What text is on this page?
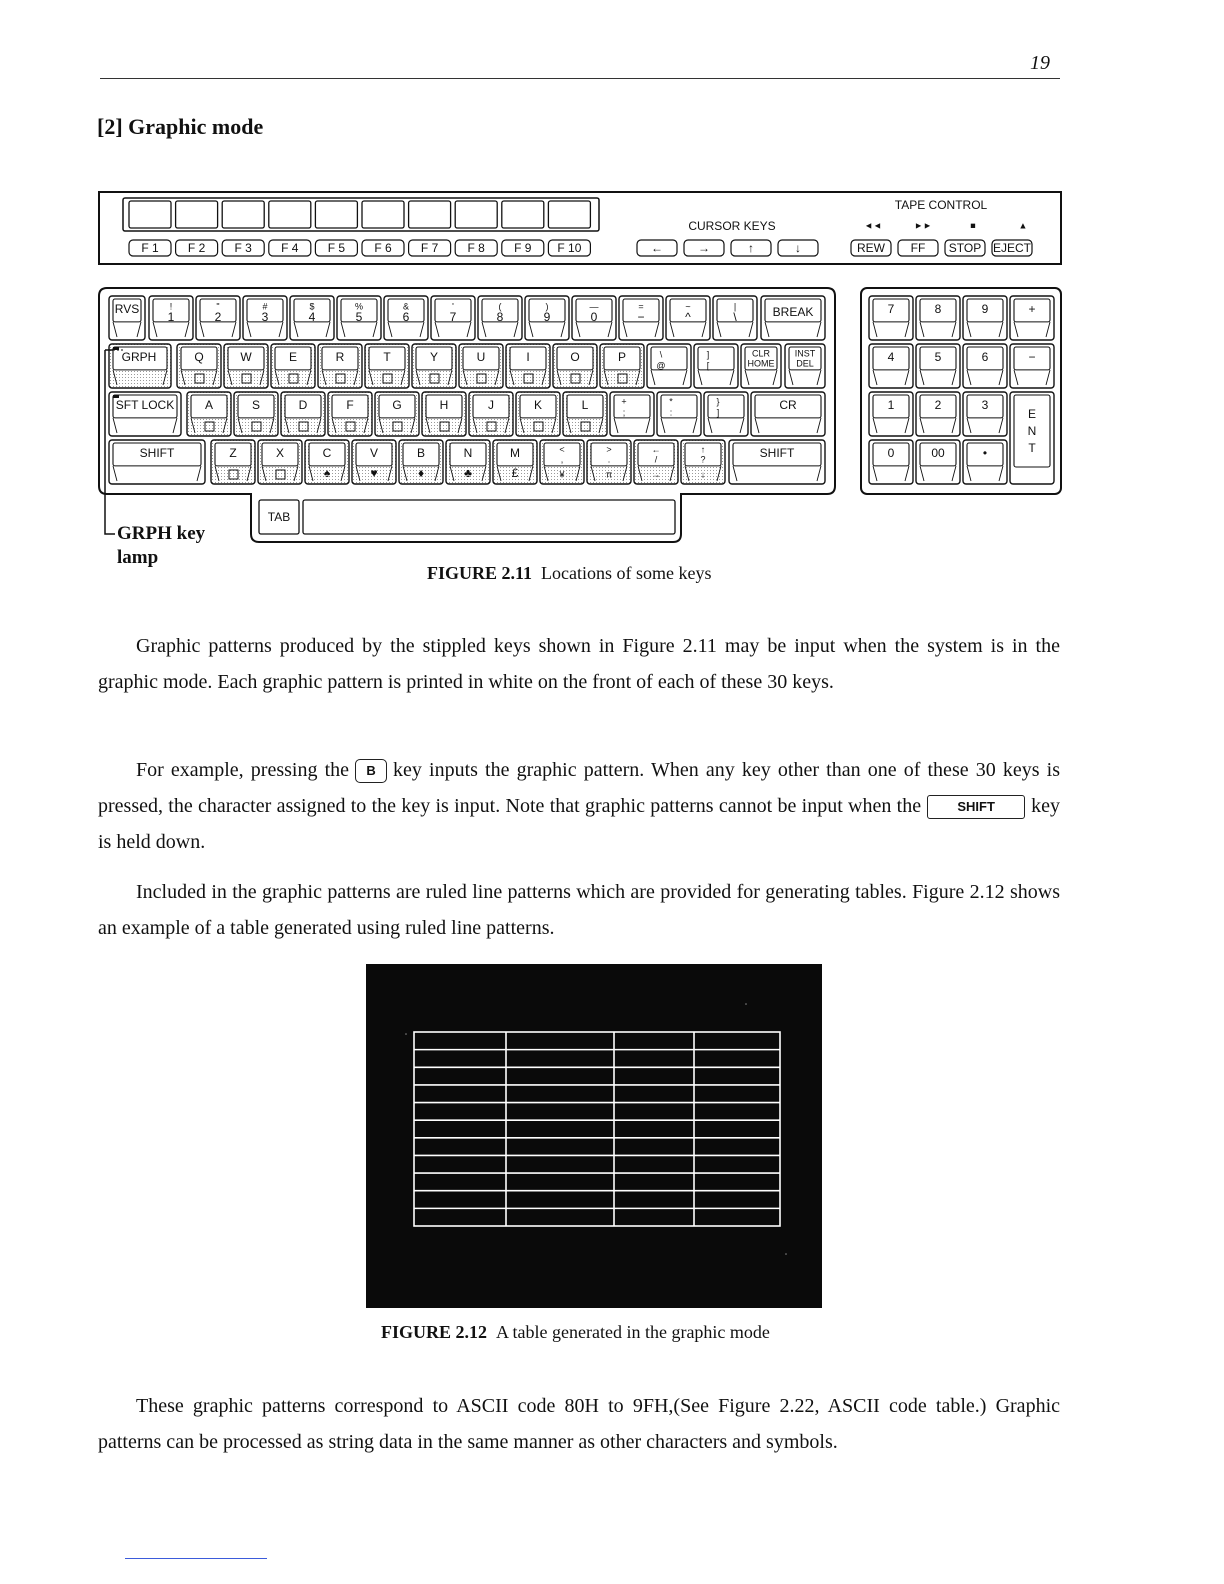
19
[2] Graphic mode
F 1 F 2 F 3 F 4 F 5 F 6 F 7 F 8 F 9 F 10
CURSOR KEYS
←	→	↑	↓
TAPE CONTROL
◄◄	►►	■	▲
REW FF STOP EJECT
RVS	!
1
"
2
#
3
$
4
%
5
&
6
'
7
(
8
)
9
—
0
=
−
~
^
|
\	BREAK
GRPH	Q	W	E	R	T	Y	U	I	O	P	\
@
]
[
CLR
HOME
INST
DEL
SFT LOCK	A	S	D	F	G	H	J	K	L	+
;
*
:
}
]
CR
SHIFT	Z	X	C
♠
V
♥
B
♦
N
♣
M
£
<
,
¥
>
.
π
←
/
→
↑
?
↓
SHIFT
TAB
7	8	9	+
4	5	6	−
1	2	3
0	00	•
E
N
T
GRPH key
lamp
FIGURE 2.11 Locations of some keys
Graphic patterns produced by the stippled keys shown in Figure 2.11 may be input when the system is in the graphic mode. Each graphic pattern is printed in white on the front of each of these 30 keys.
For example, pressing the B key inputs the graphic pattern. When any key other than one of these 30 keys is pressed, the character assigned to the key is input. Note that graphic patterns cannot be input when the	SHIFT key is held down.
Included in the graphic patterns are ruled line patterns which are provided for generating tables. Figure 2.12 shows an example of a table generated using ruled line patterns.
FIGURE 2.12 A table generated in the graphic mode
These graphic patterns correspond to ASCII code 80H to 9FH,(See Figure 2.22, ASCII code table.) Graphic patterns can be processed as string data in the same manner as other characters and symbols.
